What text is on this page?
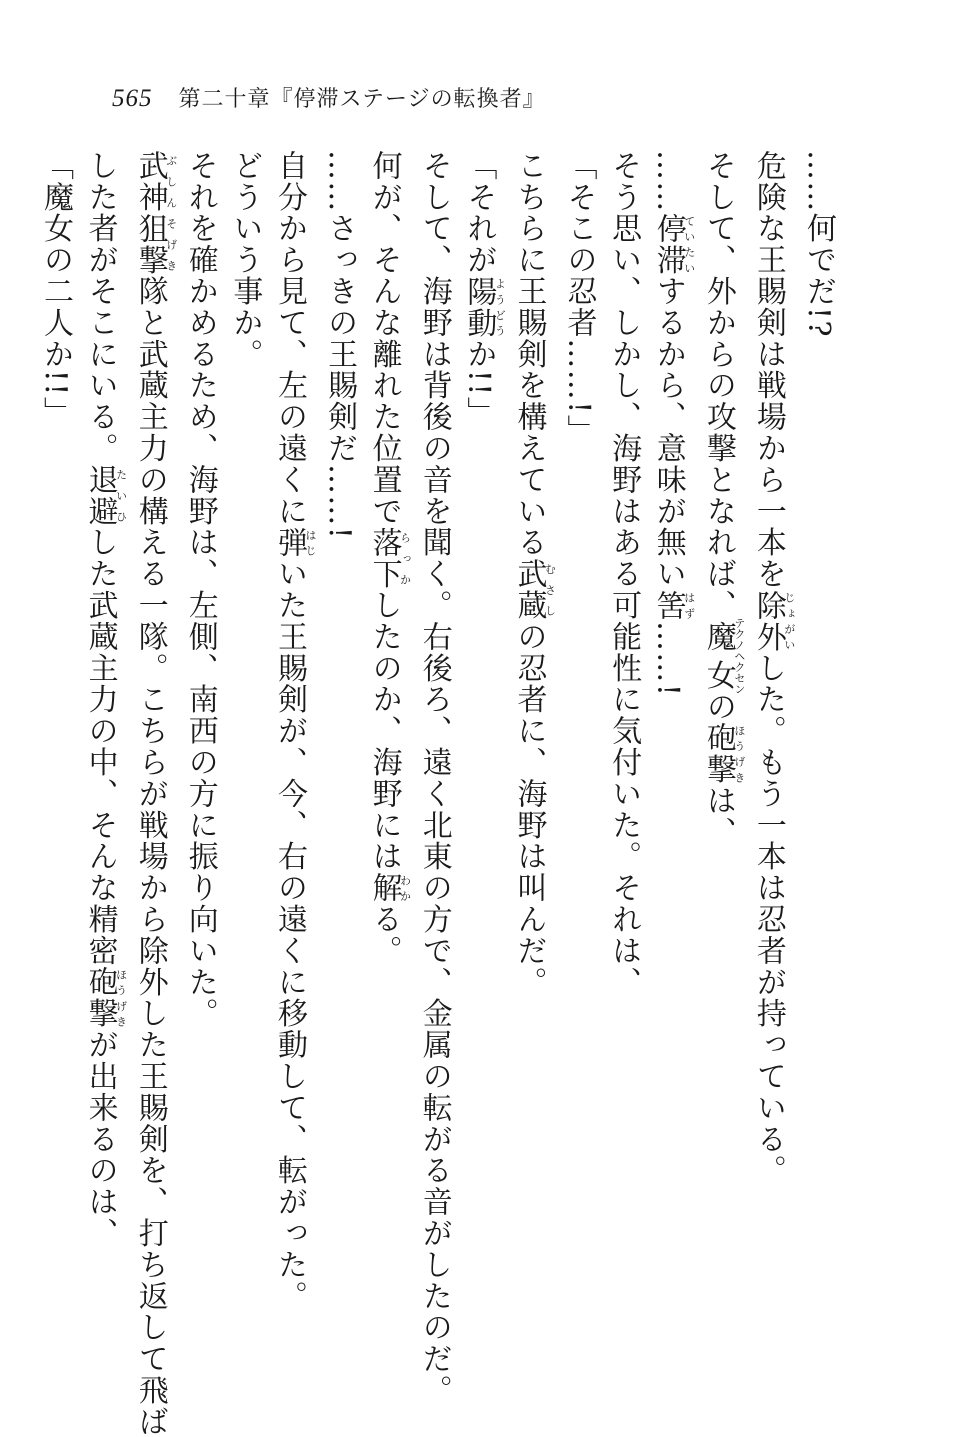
565 第二十章『停滞ステージの転換者』
……何でだ!?
危険な王賜剣は戦場から一本を除外じょがいした。もう一本は忍者が持っている。
そして、外からの攻撃となれば、魔女テクノヘクセンの砲撃ほうげきは、
……停滞ていたいするから、意味が無い筈はず……!
そう思い、しかし、海野はある可能性に気付いた。それは、
「そこの忍者……!」
こちらに王賜剣を構えている武蔵むさしの忍者に、海野は叫んだ。
「それが陽動ようどうか!!」
そして、海野は背後の音を聞く。右後ろ、遠く北東の方で、金属の転がる音がしたのだ。
何が、そんな離れた位置で落下らっかしたのか、海野には解わかる。
……さっきの王賜剣だ……!
自分から見て、左の遠くに弾はじいた王賜剣が、今、右の遠くに移動して、転がった。
どういう事か。
それを確かめるため、海野は、左側、南西の方に振り向いた。
武神ぶしん狙撃そげき隊と武蔵主力の構える一隊。こちらが戦場から除外した王賜剣を、打ち返して飛ば
した者がそこにいる。退避たいひした武蔵主力の中、そんな精密砲撃ほうげきが出来るのは、
「魔女の二人か!!」
